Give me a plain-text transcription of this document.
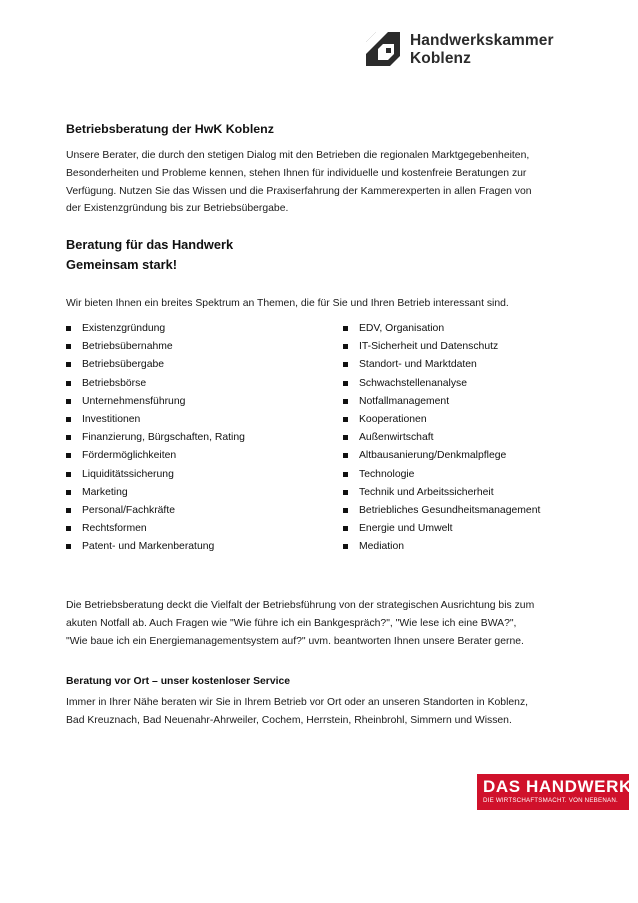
Handwerkskammer
Koblenz
Betriebsberatung der HwK Koblenz
Unsere Berater, die durch den stetigen Dialog mit den Betrieben die regionalen Marktgegebenheiten,
Besonderheiten und Probleme kennen, stehen Ihnen für individuelle und kostenfreie Beratungen zur
Verfügung. Nutzen Sie das Wissen und die Praxiserfahrung der Kammerexperten in allen Fragen von
der Existenzgründung bis zur Betriebsübergabe.
Beratung für das Handwerk
Gemeinsam stark!
Wir bieten Ihnen ein breites Spektrum an Themen, die für Sie und Ihren Betrieb interessant sind.
Existenzgründung
Betriebsübernahme
Betriebsübergabe
Betriebsbörse
Unternehmensführung
Investitionen
Finanzierung, Bürgschaften, Rating
Fördermöglichkeiten
Liquiditätssicherung
Marketing
Personal/Fachkräfte
Rechtsformen
Patent- und Markenberatung
EDV, Organisation
IT-Sicherheit und Datenschutz
Standort- und Marktdaten
Schwachstellenanalyse
Notfallmanagement
Kooperationen
Außenwirtschaft
Altbausanierung/Denkmalpflege
Technologie
Technik und Arbeitssicherheit
Betriebliches Gesundheitsmanagement
Energie und Umwelt
Mediation
Die Betriebsberatung deckt die Vielfalt der Betriebsführung von der strategischen Ausrichtung bis zum
akuten Notfall ab. Auch Fragen wie "Wie führe ich ein Bankgespräch?", "Wie lese ich eine BWA?",
"Wie baue ich ein Energiemanagementsystem auf?" uvm. beantworten Ihnen unsere Berater gerne.
Beratung vor Ort – unser kostenloser Service
Immer in Ihrer Nähe beraten wir Sie in Ihrem Betrieb vor Ort oder an unseren Standorten in Koblenz,
Bad Kreuznach, Bad Neuenahr-Ahrweiler, Cochem, Herrstein, Rheinbrohl, Simmern und Wissen.
DAS HANDWERK
DIE WIRTSCHAFTSMACHT. VON NEBENAN.
